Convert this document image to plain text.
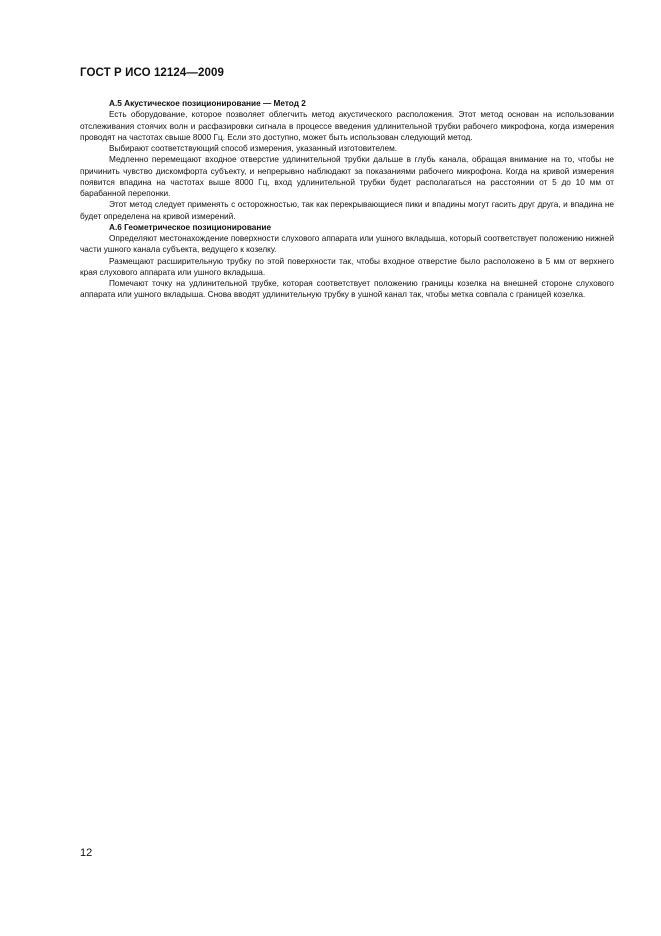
ГОСТ Р ИСО 12124—2009

А.5 Акустическое позиционирование — Метод 2

Есть оборудование, которое позволяет облегчить метод акустического расположения. Этот метод основан на использовании отслеживания стоячих волн и расфазировки сигнала в процессе введения удлинительной трубки рабочего микрофона, когда измерения проводят на частотах свыше 8000 Гц. Если это доступно, может быть использован следующий метод.

Выбирают соответствующий способ измерения, указанный изготовителем.

Медленно перемещают входное отверстие удлинительной трубки дальше в глубь канала, обращая внимание на то, чтобы не причинить чувство дискомфорта субъекту, и непрерывно наблюдают за показаниями рабочего микрофона. Когда на кривой измерения появится впадина на частотах выше 8000 Гц, вход удлинительной трубки будет располагаться на расстоянии от 5 до 10 мм от барабанной перепонки.

Этот метод следует применять с осторожностью, так как перекрывающиеся пики и впадины могут гасить друг друга, и впадина не будет определена на кривой измерений.

А.6 Геометрическое позиционирование

Определяют местонахождение поверхности слухового аппарата или ушного вкладыша, который соответствует положению нижней части ушного канала субъекта, ведущего к козелку.

Размещают расширительную трубку по этой поверхности так, чтобы входное отверстие было расположено в 5 мм от верхнего края слухового аппарата или ушного вкладыша.

Помечают точку на удлинительной трубке, которая соответствует положению границы козелка на внешней стороне слухового аппарата или ушного вкладыша. Снова вводят удлинительную трубку в ушной канал так, чтобы метка совпала с границей козелка.

12
